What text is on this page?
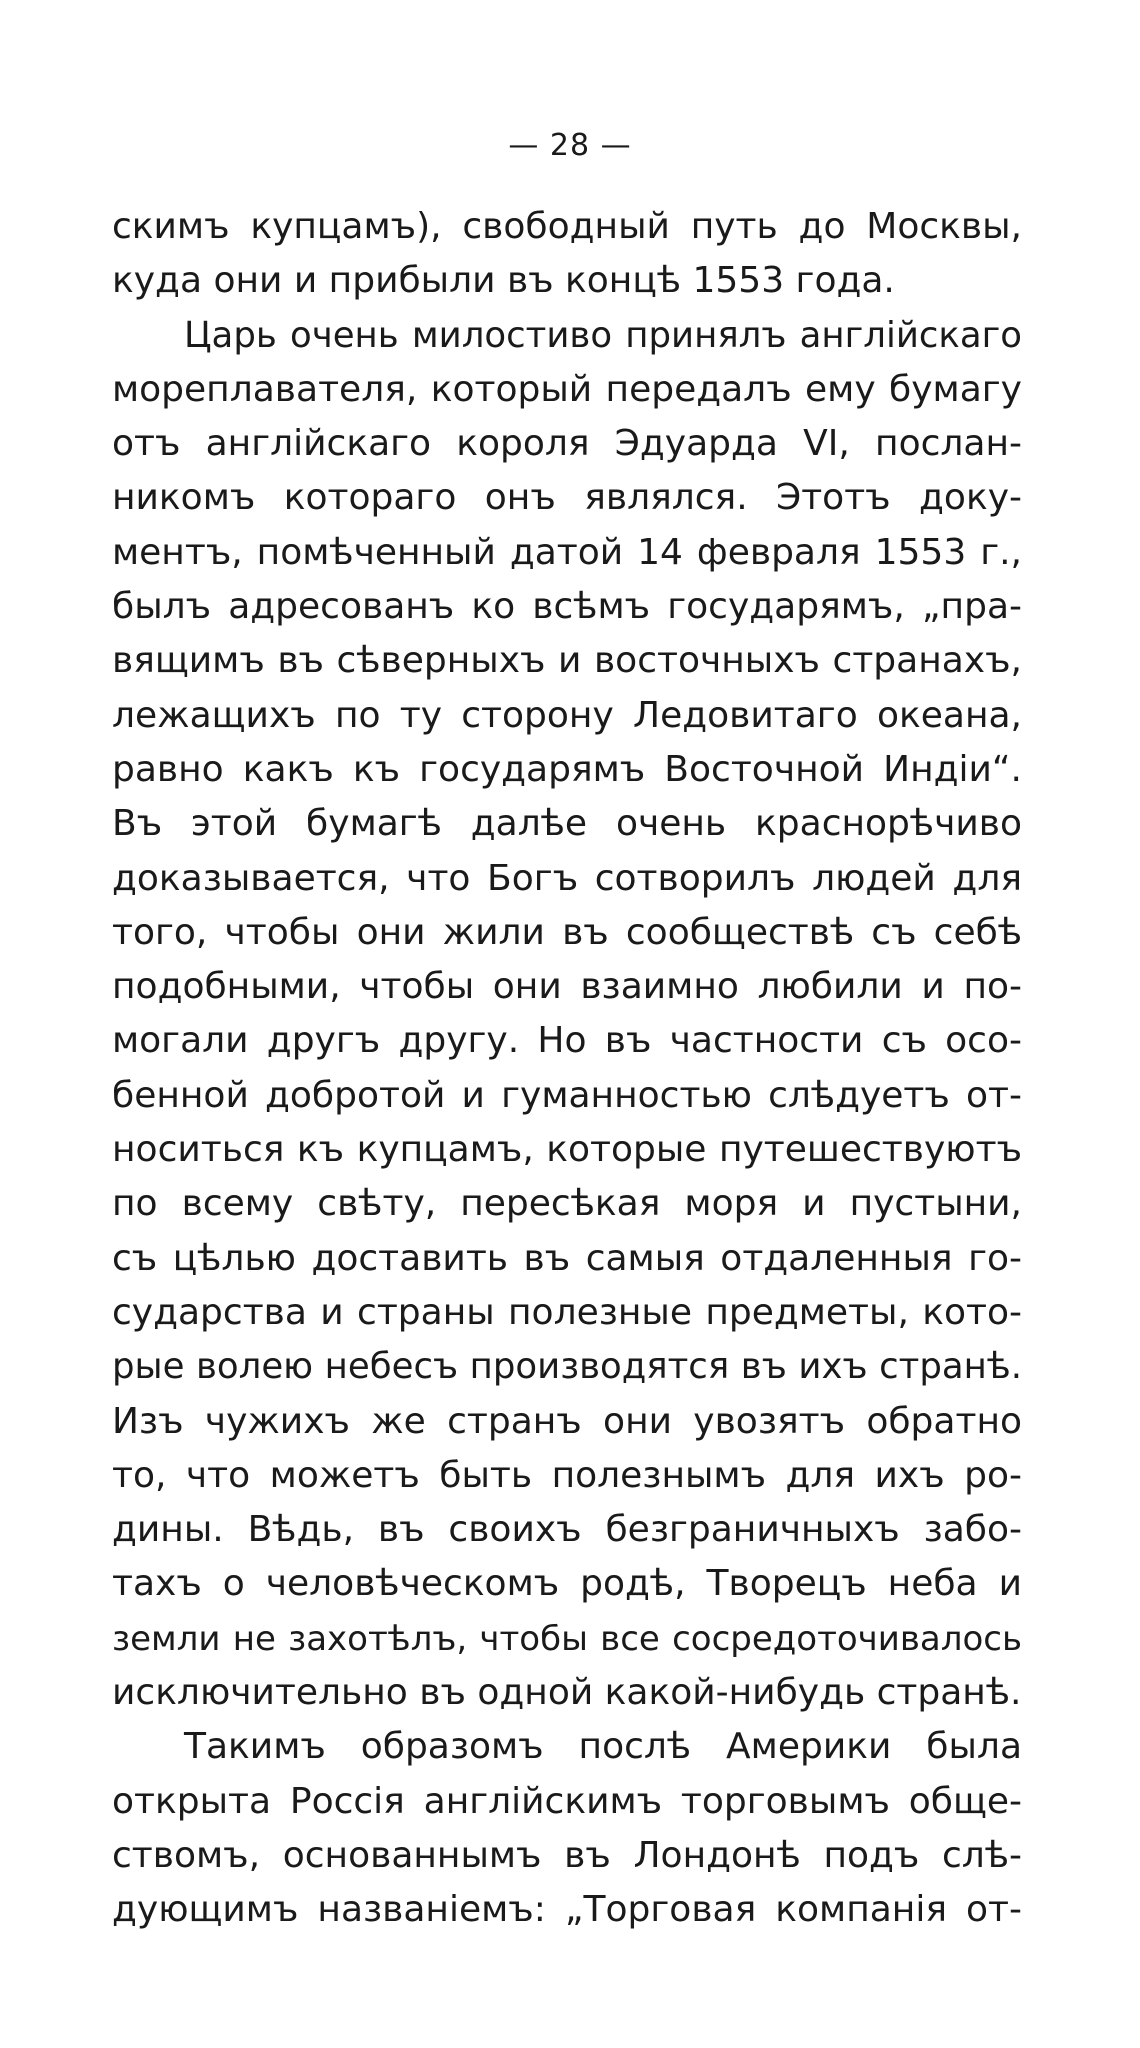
— 28 —
скимъ купцамъ), свободный путь до Москвы,
куда они и прибыли въ концѣ 1553 года.
Царь очень милостиво принялъ англійскаго
мореплавателя, который передалъ ему бумагу
отъ англійскаго короля Эдуарда VI, послан-
никомъ котораго онъ являлся. Этотъ доку-
ментъ, помѣченный датой 14 февраля 1553 г.,
былъ адресованъ ко всѣмъ государямъ, „пра-
вящимъ въ сѣверныхъ и восточныхъ странахъ,
лежащихъ по ту сторону Ледовитаго океана,
равно какъ къ государямъ Восточной Индіи“.
Въ этой бумагѣ далѣе очень краснорѣчиво
доказывается, что Богъ сотворилъ людей для
того, чтобы они жили въ сообществѣ съ себѣ
подобными, чтобы они взаимно любили и по-
могали другъ другу. Но въ частности съ осо-
бенной добротой и гуманностью слѣдуетъ от-
носиться къ купцамъ, которые путешествуютъ
по всему свѣту, пересѣкая моря и пустыни,
съ цѣлью доставить въ самыя отдаленныя го-
сударства и страны полезные предметы, кото-
рые волею небесъ производятся въ ихъ странѣ.
Изъ чужихъ же странъ они увозятъ обратно
то, что можетъ быть полезнымъ для ихъ ро-
дины. Вѣдь, въ своихъ безграничныхъ забо-
тахъ о человѣческомъ родѣ, Творецъ неба и
земли не захотѣлъ, чтобы все сосредоточивалось
исключительно въ одной какой-нибудь странѣ.
Такимъ образомъ послѣ Америки была
открыта Россія англійскимъ торговымъ обще-
ствомъ, основаннымъ въ Лондонѣ подъ слѣ-
дующимъ названіемъ: „Торговая компанія от-
